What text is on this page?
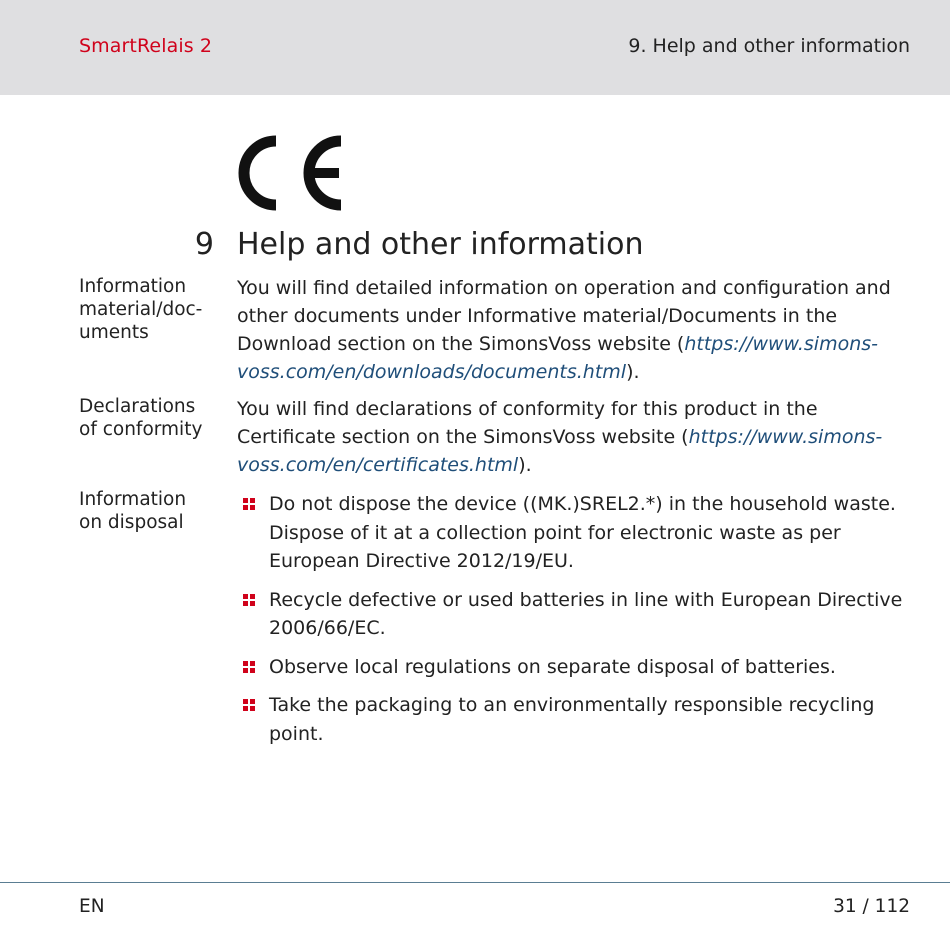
SmartRelais 2	9. Help and other information
9 Help and other information
Information
material/doc-
uments
You will find detailed information on operation and configuration and
other documents under Informative material/Documents in the
Download section on the SimonsVoss website (https://www.simons-
voss.com/en/downloads/documents.html).
Declarations
of conformity
You will find declarations of conformity for this product in the
Certificate section on the SimonsVoss website (https://www.simons-
voss.com/en/certificates.html).
Information
on disposal
Do not dispose the device ((MK.)SREL2.*) in the household waste.
Dispose of it at a collection point for electronic waste as per
European Directive 2012/19/EU.
Recycle defective or used batteries in line with European Directive
2006/66/EC.
Observe local regulations on separate disposal of batteries.
Take the packaging to an environmentally responsible recycling
point.
EN	31 / 112
